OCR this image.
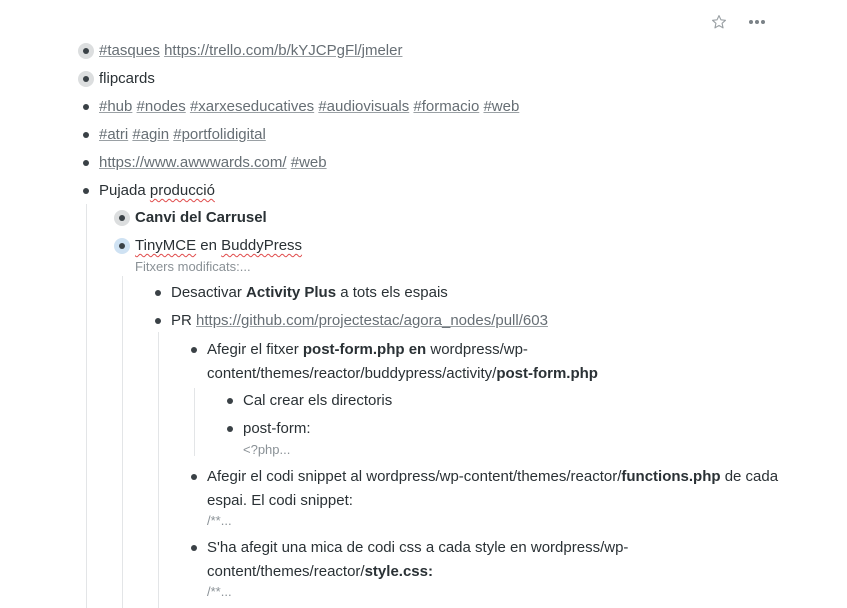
#tasques https://trello.com/b/kYJCPgFl/jmeler
flipcards
#hub #nodes #xarxeseducatives #audiovisuals #formacio #web
#atri #agin #portfolidigital
https://www.awwwards.com/ #web
Pujada producció
Canvi del Carrusel
TinyMCE en BuddyPress
Fitxers modificats:...
Desactivar Activity Plus a tots els espais
PR https://github.com/projectestac/agora_nodes/pull/603
Afegir el fitxer post-form.php en wordpress/wp-
content/themes/reactor/buddypress/activity/post-form.php
Cal crear els directoris
post-form:
<?php...
Afegir el codi snippet al wordpress/wp-content/themes/reactor/functions.php de cada
espai. El codi snippet:
/**...
S'ha afegit una mica de codi css a cada style en wordpress/wp-
content/themes/reactor/style.css:
/**...
